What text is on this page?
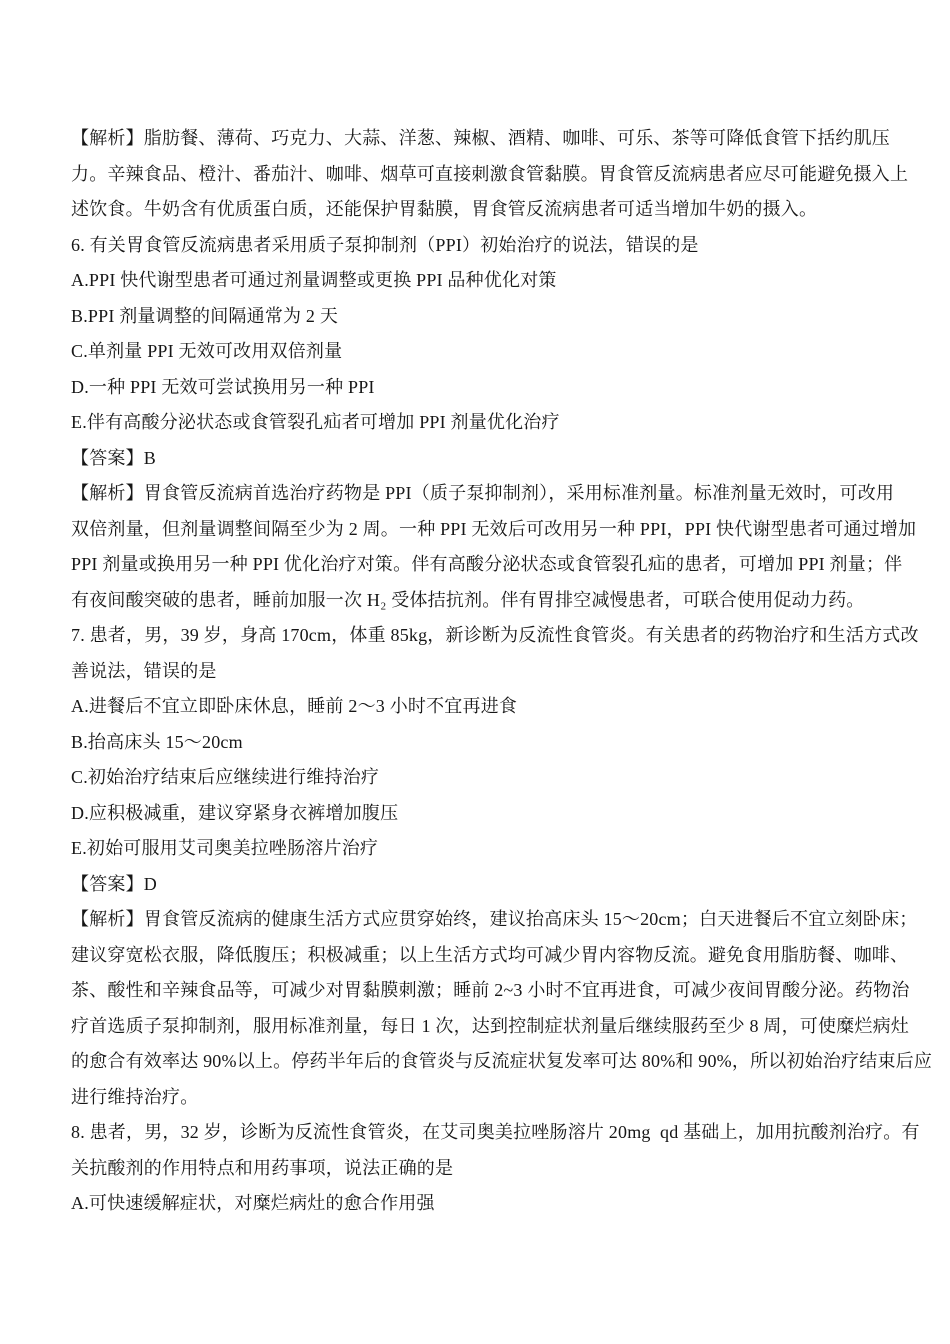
【解析】脂肪餐、薄荷、巧克力、大蒜、洋葱、辣椒、酒精、咖啡、可乐、茶等可降低食管下括约肌压
力。辛辣食品、橙汁、番茄汁、咖啡、烟草可直接刺激食管黏膜。胃食管反流病患者应尽可能避免摄入上
述饮食。牛奶含有优质蛋白质，还能保护胃黏膜，胃食管反流病患者可适当增加牛奶的摄入。
6. 有关胃食管反流病患者采用质子泵抑制剂（PPI）初始治疗的说法，错误的是
A.PPI 快代谢型患者可通过剂量调整或更换 PPI 品种优化对策
B.PPI 剂量调整的间隔通常为 2 天
C.单剂量 PPI 无效可改用双倍剂量
D.一种 PPI 无效可尝试换用另一种 PPI
E.伴有高酸分泌状态或食管裂孔疝者可增加 PPI 剂量优化治疗
【答案】B
【解析】胃食管反流病首选治疗药物是 PPI（质子泵抑制剂），采用标准剂量。标准剂量无效时，可改用
双倍剂量，但剂量调整间隔至少为 2 周。一种 PPI 无效后可改用另一种 PPI，PPI 快代谢型患者可通过增加
PPI 剂量或换用另一种 PPI 优化治疗对策。伴有高酸分泌状态或食管裂孔疝的患者，可增加 PPI 剂量；伴
有夜间酸突破的患者，睡前加服一次 H₂ 受体拮抗剂。伴有胃排空减慢患者，可联合使用促动力药。
7. 患者，男，39 岁，身高 170cm，体重 85kg，新诊断为反流性食管炎。有关患者的药物治疗和生活方式改
善说法，错误的是
A.进餐后不宜立即卧床休息，睡前 2～3 小时不宜再进食
B.抬高床头 15～20cm
C.初始治疗结束后应继续进行维持治疗
D.应积极减重，建议穿紧身衣裤增加腹压
E.初始可服用艾司奥美拉唑肠溶片治疗
【答案】D
【解析】胃食管反流病的健康生活方式应贯穿始终，建议抬高床头 15～20cm；白天进餐后不宜立刻卧床；
建议穿宽松衣服，降低腹压；积极减重；以上生活方式均可减少胃内容物反流。避免食用脂肪餐、咖啡、
茶、酸性和辛辣食品等，可减少对胃黏膜刺激；睡前 2~3 小时不宜再进食，可减少夜间胃酸分泌。药物治
疗首选质子泵抑制剂，服用标准剂量，每日 1 次，达到控制症状剂量后继续服药至少 8 周，可使糜烂病灶
的愈合有效率达 90%以上。停药半年后的食管炎与反流症状复发率可达 80%和 90%，所以初始治疗结束后应
进行维持治疗。
8. 患者，男，32 岁，诊断为反流性食管炎，在艾司奥美拉唑肠溶片 20mg  qd 基础上，加用抗酸剂治疗。有
关抗酸剂的作用特点和用药事项，说法正确的是
A.可快速缓解症状，对糜烂病灶的愈合作用强
